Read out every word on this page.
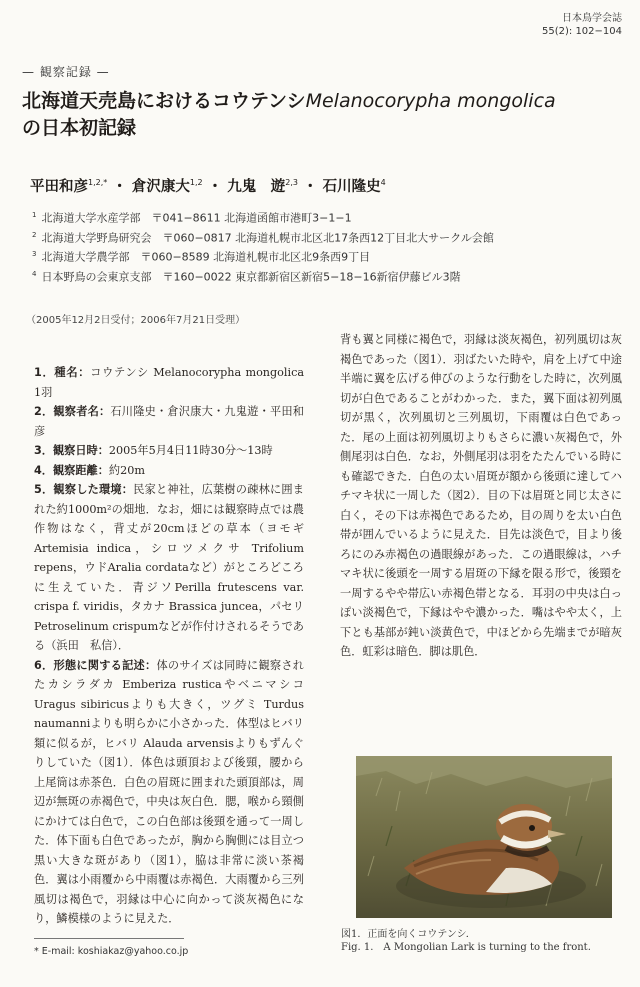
日本鳥学会誌
55(2): 102−104
— 観察記録 —
北海道天売島におけるコウテンシMelanocorypha mongolica
の日本初記録
平田和彦$^{1,2,*}$ ・ 倉沢康大$^{1,2}$ ・ 九鬼　遊$^{2,3}$ ・ 石川隆史$^4$
$^1$ 北海道大学水産学部　〒041−8611 北海道函館市港町3−1−1
$^2$ 北海道大学野鳥研究会　〒060−0817 北海道札幌市北区北17条西12丁目北大サークル会館
$^3$ 北海道大学農学部　〒060−8589 北海道札幌市北区北9条西9丁目
$^4$ 日本野鳥の会東京支部　〒160−0022 東京都新宿区新宿5−18−16新宿伊藤ビル3階
（2005年12月2日受付；2006年7月21日受理）

1．種名：コウテンシ Melanocorypha mongolica 1羽

2．観察者名：石川隆史・倉沢康大・九鬼遊・平田和彦

3．観察日時：2005年5月4日11時30分〜13時

4．観察距離：約20m

5．観察した環境：民家と神社，広葉樹の疎林に囲まれた約1000m²の畑地．なお，畑には観察時点では農作物はなく，背丈が20cmほどの草本（ヨモギ Artemisia indica，シロツメクサ Trifolium repens，ウドAralia cordataなど）がところどころに生えていた．青ジソPerilla frutescens var. crispa f. viridis，タカナ Brassica juncea，パセリ Petroselinum crispumなどが作付けされるそうである（浜田　私信）．

6．形態に関する記述：体のサイズは同時に観察されたカシラダカ Emberiza rusticaやベニマシコ Uragus sibiricusよりも大きく，ツグミ Turdus naumanniよりも明らかに小さかった．体型はヒバリ類に似るが，ヒバリ Alauda arvensisよりもずんぐりしていた（図1）．体色は頭頂および後頸，腰から上尾筒は赤茶色．白色の眉斑に囲まれた頭頂部は，周辺が無斑の赤褐色で，中央は灰白色．腮，喉から頸側にかけては白色で，この白色部は後頸を通って一周した．体下面も白色であったが，胸から胸側には目立つ黒い大きな斑があり（図1），脇は非常に淡い茶褐色．翼は小雨覆から中雨覆は赤褐色．大雨覆から三列風切は褐色で，羽縁は中心に向かって淡灰褐色になり，鱗模様のように見えた．

背も翼と同様に褐色で，羽縁は淡灰褐色，初列風切は灰褐色であった（図1）．羽ばたいた時や，肩を上げて中途半端に翼を広げる伸びのような行動をした時に，次列風切が白色であることがわかった．また，翼下面は初列風切が黒く，次列風切と三列風切，下雨覆は白色であった．尾の上面は初列風切よりもさらに濃い灰褐色で，外側尾羽は白色．なお，外側尾羽は羽をたたんでいる時にも確認できた．白色の太い眉斑が額から後頭に達してハチマキ状に一周した（図2）．目の下は眉斑と同じ太さに白く，その下は赤褐色であるため，目の周りを太い白色帯が囲んでいるように見えた．目先は淡色で，目より後ろにのみ赤褐色の過眼線があった．この過眼線は，ハチマキ状に後頭を一周する眉斑の下縁を限る形で，後頸を一周するやや帯広い赤褐色帯となる．耳羽の中央は白っぽい淡褐色で，下縁はやや濃かった．嘴はやや太く，上下とも基部が鈍い淡黄色で，中ほどから先端までが暗灰色．虹彩は暗色．脚は肌色．

図1．正面を向くコウテンシ．
Fig. 1.　A Mongolian Lark is turning to the front.
* E-mail: koshiakaz@yahoo.co.jp
